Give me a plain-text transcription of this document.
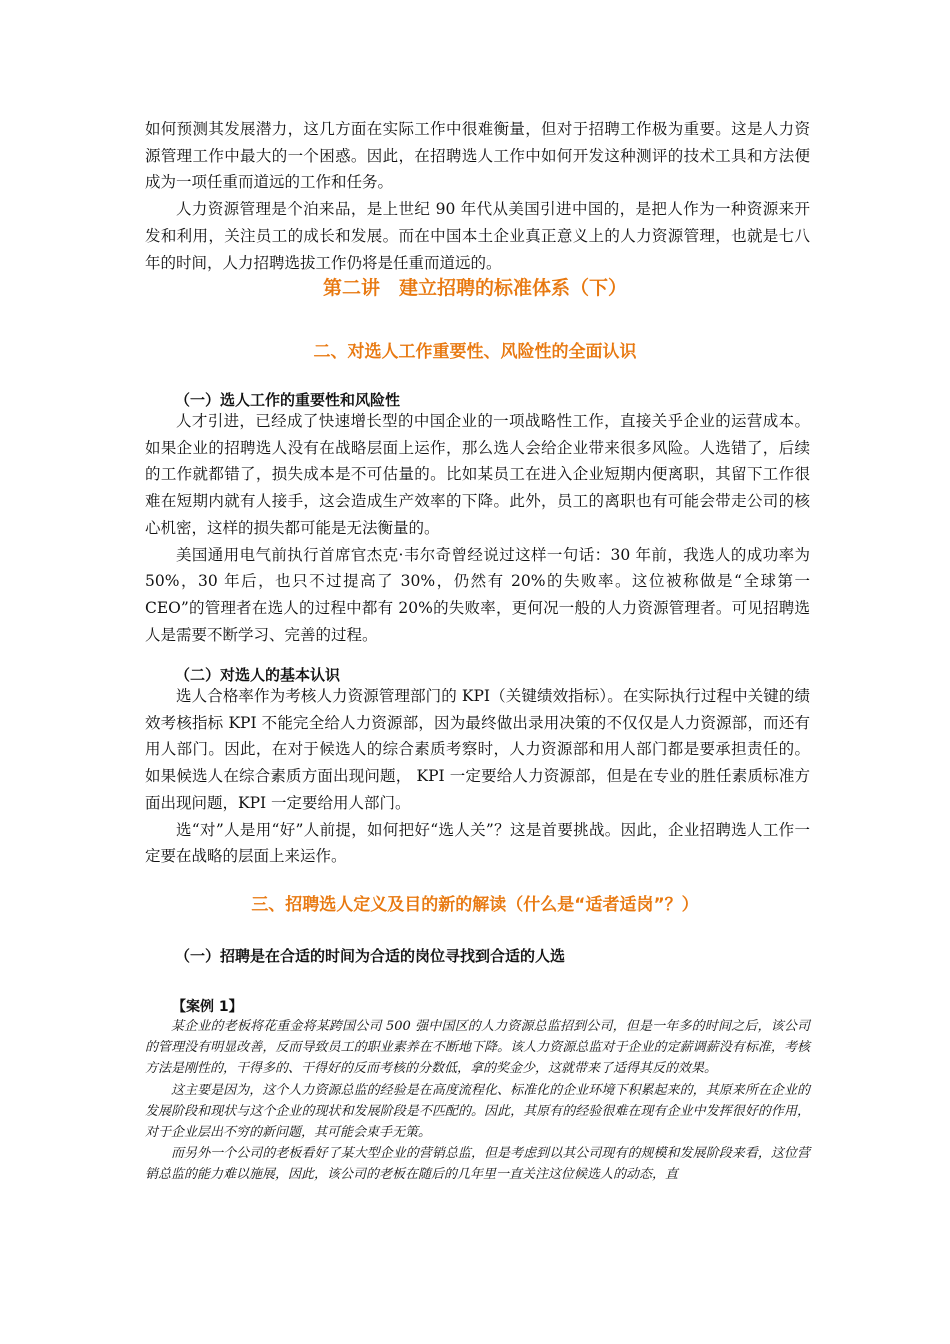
如何预测其发展潜力，这几方面在实际工作中很难衡量，但对于招聘工作极为重要。这是人力资源管理工作中最大的一个困惑。因此，在招聘选人工作中如何开发这种测评的技术工具和方法便成为一项任重而道远的工作和任务。

人力资源管理是个泊来品，是上世纪 90 年代从美国引进中国的，是把人作为一种资源来开发和利用，关注员工的成长和发展。而在中国本土企业真正意义上的人力资源管理，也就是七八年的时间，人力招聘选拔工作仍将是任重而道远的。

第二讲　建立招聘的标准体系（下）
二、对选人工作重要性、风险性的全面认识
（一）选人工作的重要性和风险性

人才引进，已经成了快速增长型的中国企业的一项战略性工作，直接关乎企业的运营成本。如果企业的招聘选人没有在战略层面上运作，那么选人会给企业带来很多风险。人选错了，后续的工作就都错了，损失成本是不可估量的。比如某员工在进入企业短期内便离职，其留下工作很难在短期内就有人接手，这会造成生产效率的下降。此外，员工的离职也有可能会带走公司的核心机密，这样的损失都可能是无法衡量的。

美国通用电气前执行首席官杰克·韦尔奇曾经说过这样一句话：30 年前，我选人的成功率为 50%，30 年后，也只不过提高了 30%，仍然有 20%的失败率。这位被称做是“全球第一 CEO”的管理者在选人的过程中都有 20%的失败率，更何况一般的人力资源管理者。可见招聘选人是需要不断学习、完善的过程。

（二）对选人的基本认识

选人合格率作为考核人力资源管理部门的 KPI（关键绩效指标）。在实际执行过程中关键的绩效考核指标 KPI 不能完全给人力资源部，因为最终做出录用决策的不仅仅是人力资源部，而还有用人部门。因此，在对于候选人的综合素质考察时，人力资源部和用人部门都是要承担责任的。如果候选人在综合素质方面出现问题， KPI 一定要给人力资源部，但是在专业的胜任素质标准方面出现问题，KPI 一定要给用人部门。

选“对”人是用“好”人前提，如何把好“选人关”？这是首要挑战。因此，企业招聘选人工作一定要在战略的层面上来运作。

三、招聘选人定义及目的新的解读（什么是“适者适岗”？）
（一）招聘是在合适的时间为合适的岗位寻找到合适的人选
【案例 1】

某企业的老板将花重金将某跨国公司 500 强中国区的人力资源总监招到公司，但是一年多的时间之后，该公司的管理没有明显改善，反而导致员工的职业素养在不断地下降。该人力资源总监对于企业的定薪调薪没有标准，考核方法是刚性的，干得多的、干得好的反而考核的分数低，拿的奖金少，这就带来了适得其反的效果。

这主要是因为，这个人力资源总监的经验是在高度流程化、标准化的企业环境下积累起来的，其原来所在企业的发展阶段和现状与这个企业的现状和发展阶段是不匹配的。因此，其原有的经验很难在现有企业中发挥很好的作用，对于企业层出不穷的新问题，其可能会束手无策。

而另外一个公司的老板看好了某大型企业的营销总监，但是考虑到以其公司现有的规模和发展阶段来看，这位营销总监的能力难以施展，因此，该公司的老板在随后的几年里一直关注这位候选人的动态，直
